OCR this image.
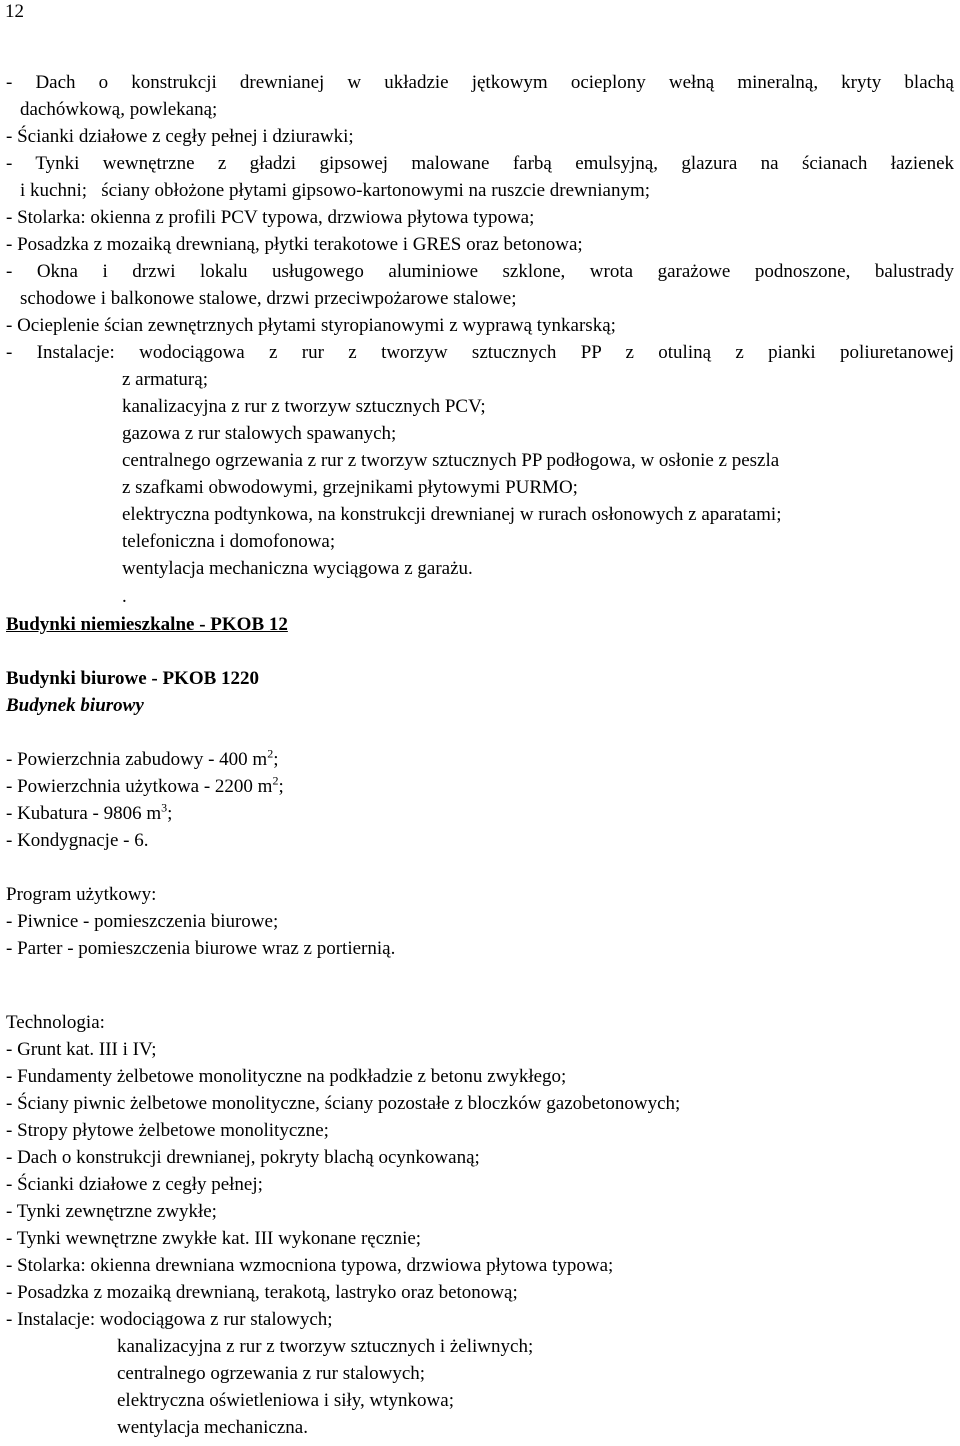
12
- Dach o konstrukcji drewnianej w układzie jętkowym ocieplony wełną mineralną, kryty blachą
dachówkową, powlekaną;
- Ścianki działowe z cegły pełnej i dziurawki;
- Tynki wewnętrzne z gładzi gipsowej malowane farbą emulsyjną, glazura na ścianach łazienek
i kuchni;   ściany obłożone płytami gipsowo-kartonowymi na ruszcie drewnianym;
- Stolarka: okienna z profili PCV typowa, drzwiowa płytowa typowa;
- Posadzka z mozaiką drewnianą, płytki terakotowe i GRES oraz betonowa;
- Okna i drzwi lokalu usługowego aluminiowe szklone, wrota garażowe podnoszone, balustrady
schodowe i balkonowe stalowe, drzwi przeciwpożarowe stalowe;
- Ocieplenie ścian zewnętrznych płytami styropianowymi z wyprawą tynkarską;
- Instalacje: wodociągowa z rur z tworzyw sztucznych PP z otuliną z pianki poliuretanowej
z armaturą;
kanalizacyjna z rur z tworzyw sztucznych PCV;
gazowa z rur stalowych spawanych;
centralnego ogrzewania z rur z tworzyw sztucznych PP podłogowa, w osłonie z peszla
z szafkami obwodowymi, grzejnikami płytowymi PURMO;
elektryczna podtynkowa, na konstrukcji drewnianej w rurach osłonowych z aparatami;
telefoniczna i domofonowa;
wentylacja mechaniczna wyciągowa z garażu.
.
Budynki niemieszkalne - PKOB 12
Budynki biurowe - PKOB 1220
Budynek biurowy
- Powierzchnia zabudowy - 400 $m^2$;
- Powierzchnia użytkowa - 2200 $m^2$;
- Kubatura - 9806 $m^3$;
- Kondygnacje - 6.
Program użytkowy:
- Piwnice - pomieszczenia biurowe;
- Parter - pomieszczenia biurowe wraz z portiernią.
Technologia:
- Grunt kat. III i IV;
- Fundamenty żelbetowe monolityczne na podkładzie z betonu zwykłego;
- Ściany piwnic żelbetowe monolityczne, ściany pozostałe z bloczków gazobetonowych;
- Stropy płytowe żelbetowe monolityczne;
- Dach o konstrukcji drewnianej, pokryty blachą ocynkowaną;
- Ścianki działowe z cegły pełnej;
- Tynki zewnętrzne zwykłe;
- Tynki wewnętrzne zwykłe kat. III wykonane ręcznie;
- Stolarka: okienna drewniana wzmocniona typowa, drzwiowa płytowa typowa;
- Posadzka z mozaiką drewnianą, terakotą, lastryko oraz betonową;
- Instalacje: wodociągowa z rur stalowych;
kanalizacyjna z rur z tworzyw sztucznych i żeliwnych;
centralnego ogrzewania z rur stalowych;
elektryczna oświetleniowa i siły, wtynkowa;
wentylacja mechaniczna.
